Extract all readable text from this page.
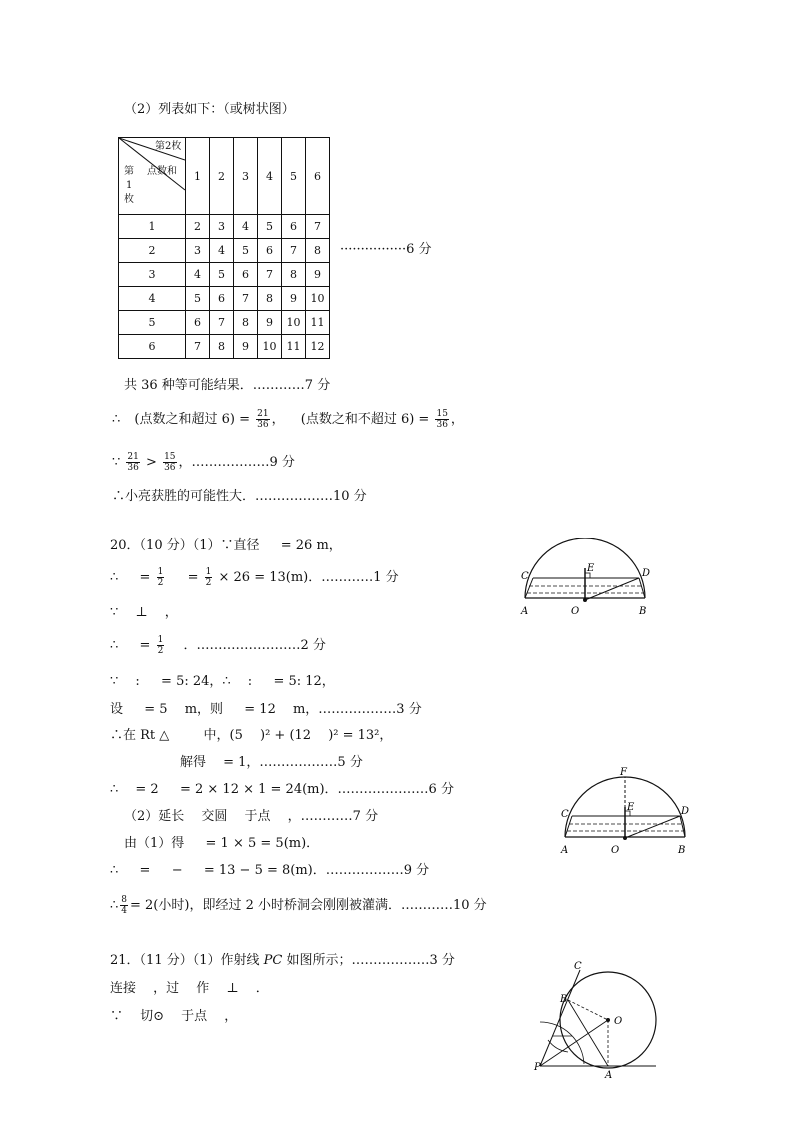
（2）列表如下：（或树状图）
第2枚
点数和
第
1
枚	1	2	3	4	5	6
1	2	3	4	5	6	7
2	3	4	5	6	7	8
3	4	5	6	7	8	9
4	5	6	7	8	9	10
5	6	7	8	9	10	11
6	7	8	9	10	11	12
················6 分
共 36 种等可能结果．…………7 分
∴ (点数之和超过 $6) = \frac{21}{36}$ ， (点数之和不超过 $6) = \frac{15}{36}$ ，
∵ $\frac{21}{36} > \frac{15}{36}$ ，………………9 分
∴小亮获胜的可能性大．………………10 分
20．（10 分）（1）∵直径 　 = 26 m，
∴ 　 = $\frac{1}{2}$ 　 = $\frac{1}{2} \times 26 = 13(m)$．…………1 分
∵ 　⊥ 　，
∴ 　 = $\frac{1}{2}$ 　．……………………2 分
∵ 　: 　 = 5: 24，∴ 　: 　 = 5: 12，
设 　 = 5 　m，则 　 = 12 　m，………………3 分
∴在 Rt △ 　 　中，(5 　)² + (12 　)² = 13²，
解得 　= 1，………………5 分
∴ 　= 2 　 = 2 × 12 × 1 = 24(m)．…………………6 分
（2）延长 　交圆 　于点 　，…………7 分
由（1）得 　 = 1 × 5 = 5(m)．
∴ 　 = 　 − 　 = 13 − 5 = 8(m)．………………9 分
∴ $\frac{8}{4} = 2$(小时)，即经过 2 小时桥洞会刚刚被灌满．…………10 分
21．（11 分）（1）作射线 PC 如图所示；………………3 分
连接 　，过 　作 　⊥ 　．
∵ 　切⊙ 　于点 　，
C
E	D
A	O	B
F
C
E	D
A	O	B
C
B
O
P
A
